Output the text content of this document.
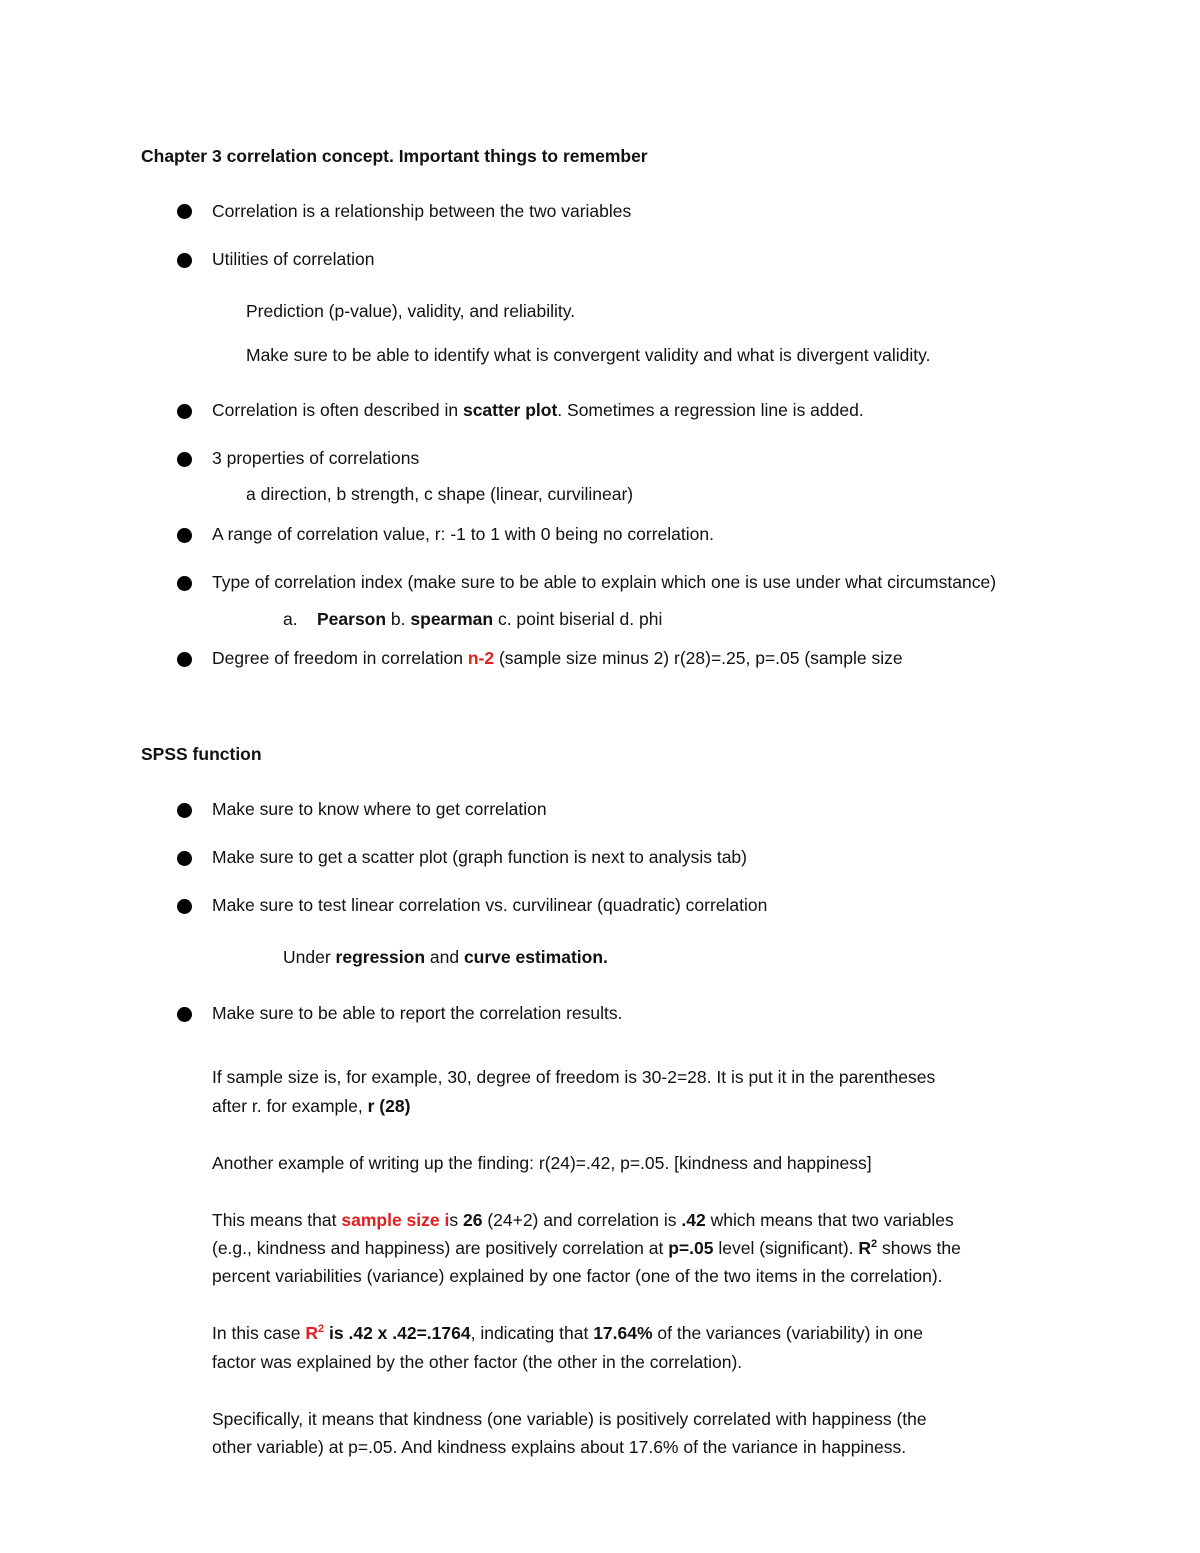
Chapter 3 correlation concept. Important things to remember
Correlation is a relationship between the two variables
Utilities of correlation
Prediction (p-value), validity, and reliability.
Make sure to be able to identify what is convergent validity and what is divergent validity.
Correlation is often described in scatter plot. Sometimes a regression line is added.
3 properties of correlations
a direction, b strength, c shape (linear, curvilinear)
A range of correlation value, r: -1 to 1 with 0 being no correlation.
Type of correlation index (make sure to be able to explain which one is use under what circumstance)
a. Pearson b. spearman c. point biserial d. phi
Degree of freedom in correlation n-2 (sample size minus 2) r(28)=.25, p=.05 (sample size
SPSS function
Make sure to know where to get correlation
Make sure to get a scatter plot (graph function is next to analysis tab)
Make sure to test linear correlation vs. curvilinear (quadratic) correlation
Under regression and curve estimation.
Make sure to be able to report the correlation results.
If sample size is, for example, 30, degree of freedom is 30-2=28. It is put it in the parentheses
after r. for example, r (28)
Another example of writing up the finding: r(24)=.42, p=.05. [kindness and happiness]
This means that sample size is 26 (24+2) and correlation is .42 which means that two variables
(e.g., kindness and happiness) are positively correlation at p=.05 level (significant). $R^2$ shows the
percent variabilities (variance) explained by one factor (one of the two items in the correlation).
In this case $R^2$ is .42 x .42=.1764, indicating that 17.64% of the variances (variability) in one
factor was explained by the other factor (the other in the correlation).
Specifically, it means that kindness (one variable) is positively correlated with happiness (the
other variable) at p=.05. And kindness explains about 17.6% of the variance in happiness.
